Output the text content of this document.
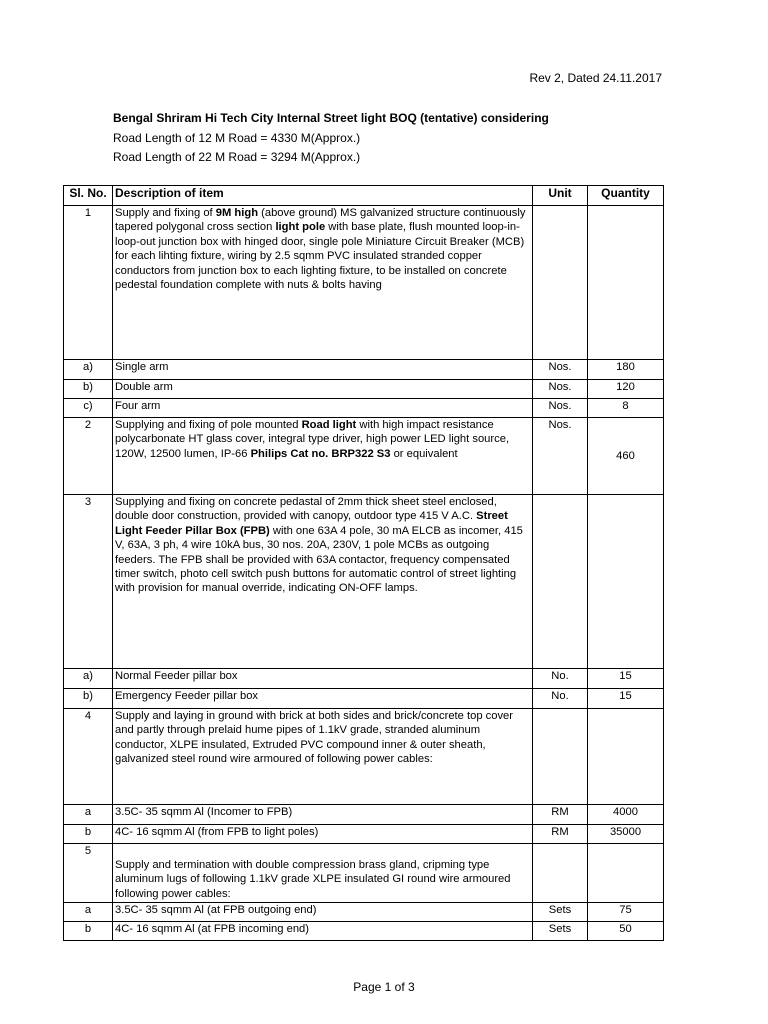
Rev 2, Dated 24.11.2017
Bengal Shriram Hi Tech City Internal Street light BOQ (tentative) considering
Road Length of 12 M Road = 4330 M(Approx.)
Road Length of 22 M Road = 3294 M(Approx.)
Sl. No.	Description of item	Unit	Quantity
1	Supply and fixing of 9M high (above ground) MS galvanized structure continuously tapered polygonal cross section light pole with base plate, flush mounted loop-in-loop-out junction box with hinged door, single pole Miniature Circuit Breaker (MCB) for each lihting fixture, wiring by 2.5 sqmm PVC insulated stranded copper conductors from junction box to each lighting fixture, to be installed on concrete pedestal foundation complete with nuts & bolts having		
a)	Single arm	Nos.	180
b)	Double arm	Nos.	120
c)	Four arm	Nos.	8
2	Supplying and fixing of pole mounted Road light with high impact resistance polycarbonate HT glass cover, integral type driver, high power LED light source, 120W, 12500 lumen, IP-66 Philips Cat no. BRP322 S3 or equivalent	Nos.	460
3	Supplying and fixing on concrete pedastal of 2mm thick sheet steel enclosed, double door construction, provided with canopy, outdoor type 415 V A.C. Street Light Feeder Pillar Box (FPB) with one 63A 4 pole, 30 mA ELCB as incomer, 415 V, 63A, 3 ph, 4 wire 10kA bus, 30 nos. 20A, 230V, 1 pole MCBs as outgoing feeders. The FPB shall be provided with 63A contactor, frequency compensated timer switch, photo cell switch push buttons for automatic control of street lighting with provision for manual override, indicating ON-OFF lamps.		
a)	Normal Feeder pillar box	No.	15
b)	Emergency Feeder pillar box	No.	15
4	Supply and laying in ground with brick at both sides and brick/concrete top cover and partly through prelaid hume pipes of 1.1kV grade, stranded aluminum conductor, XLPE insulated, Extruded PVC compound inner & outer sheath, galvanized steel round wire armoured of following power cables:		
a	3.5C- 35 sqmm Al (Incomer to FPB)	RM	4000
b	4C- 16 sqmm Al (from FPB to light poles)	RM	35000
5	Supply and termination with double compression brass gland, cripming type aluminum lugs of following 1.1kV grade XLPE insulated GI round wire armoured following power cables:		
a	3.5C- 35 sqmm Al (at FPB outgoing end)	Sets	75
b	4C- 16 sqmm Al (at FPB incoming end)	Sets	50
Page 1 of 3
